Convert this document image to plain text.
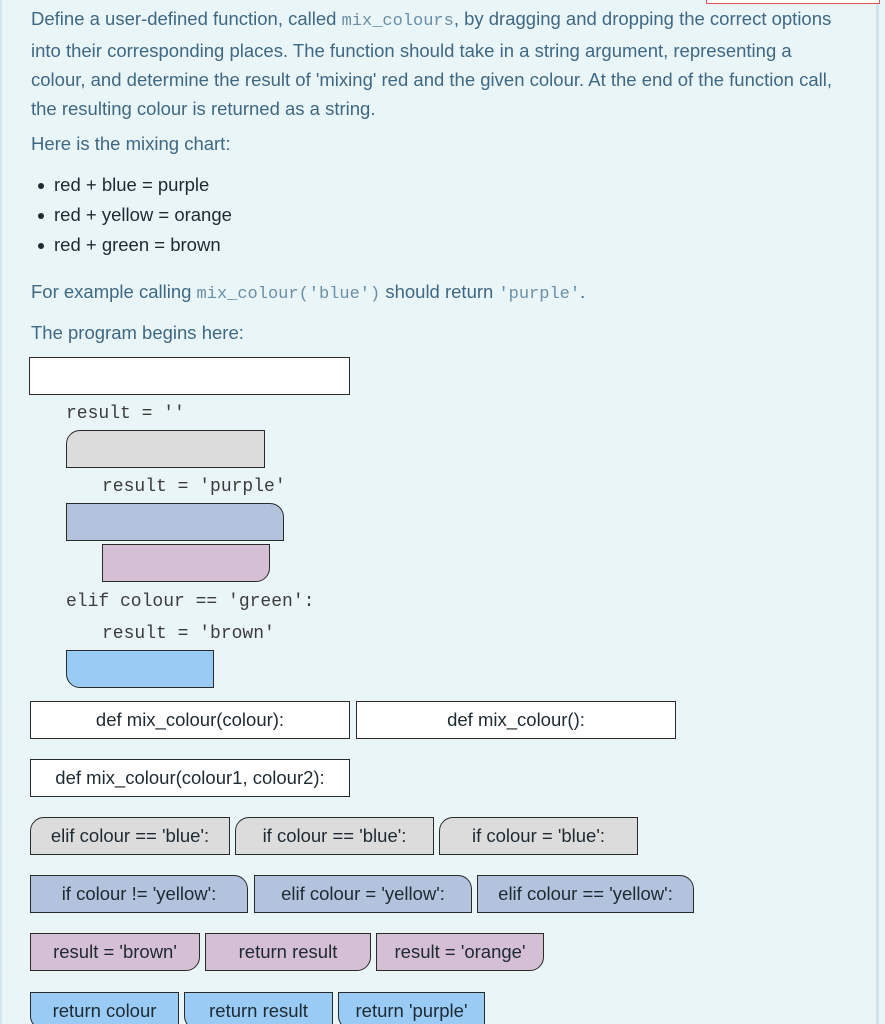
Define a user-defined function, called mix_colours, by dragging and dropping the correct options into their corresponding places. The function should take in a string argument, representing a colour, and determine the result of 'mixing' red and the given colour. At the end of the function call, the resulting colour is returned as a string.
Here is the mixing chart:
red + blue = purple
red + yellow = orange
red + green = brown
For example calling mix_colour('blue') should return 'purple'.
The program begins here:
result = ''
result = 'purple'
elif colour == 'green':
result = 'brown'
def mix_colour(colour):	def mix_colour():
def mix_colour(colour1, colour2):
elif colour == 'blue':	if colour == 'blue':	if colour = 'blue':
if colour != 'yellow':	elif colour = 'yellow':	elif colour == 'yellow':
result = 'brown'	return result	result = 'orange'
return colour	return result	return 'purple'
